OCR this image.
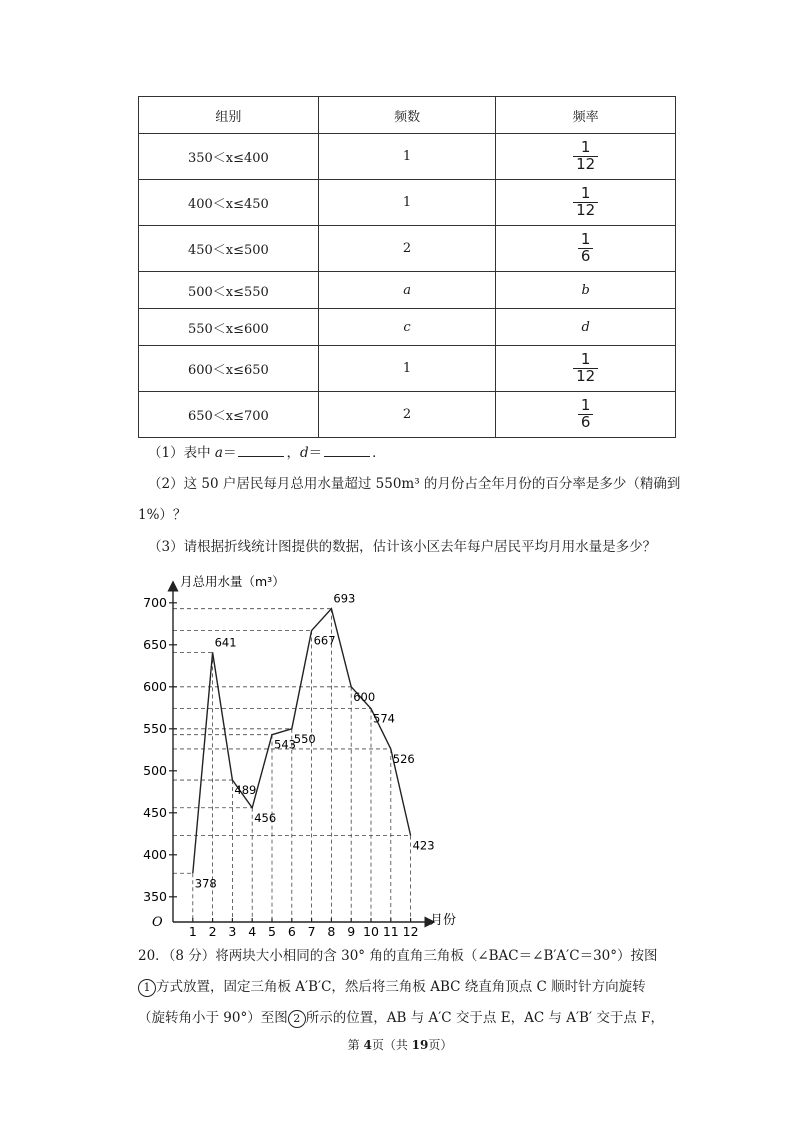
组别	频数	频率
350＜x≤400	1	$\frac{1}{12}$

400＜x≤450	1	$\frac{1}{12}$

450＜x≤500	2	$\frac{1}{6}$

500＜x≤550	a	b
550＜x≤600	c	d
600＜x≤650	1	$\frac{1}{12}$

650＜x≤700	2	$\frac{1}{6}$
（1）表中 a＝	，d＝	．
（2）这 50 户居民每月总用水量超过 550m³ 的月份占全年月份的百分率是多少（精确到
1%）？
（3）请根据折线统计图提供的数据，估计该小区去年每户居民平均月用水量是多少？
350
400
450
500
550
600
650
700
1 2 3 4 5 6 7 8 9 10 11 12
378
641
489
456
543
550
667
693
600
574
526
423
月总用水量（m³）
月份
O
20．（8 分）将两块大小相同的含 30° 角的直角三角板（∠BAC＝∠B′A′C＝30°）按图
1 方式放置，固定三角板 A′B′C，然后将三角板 ABC 绕直角顶点 C 顺时针方向旋转
（旋转角小于 90°）至图 2 所示的位置，AB 与 A′C 交于点 E，AC 与 A′B′ 交于点 F，
第 4页（共 19页）
